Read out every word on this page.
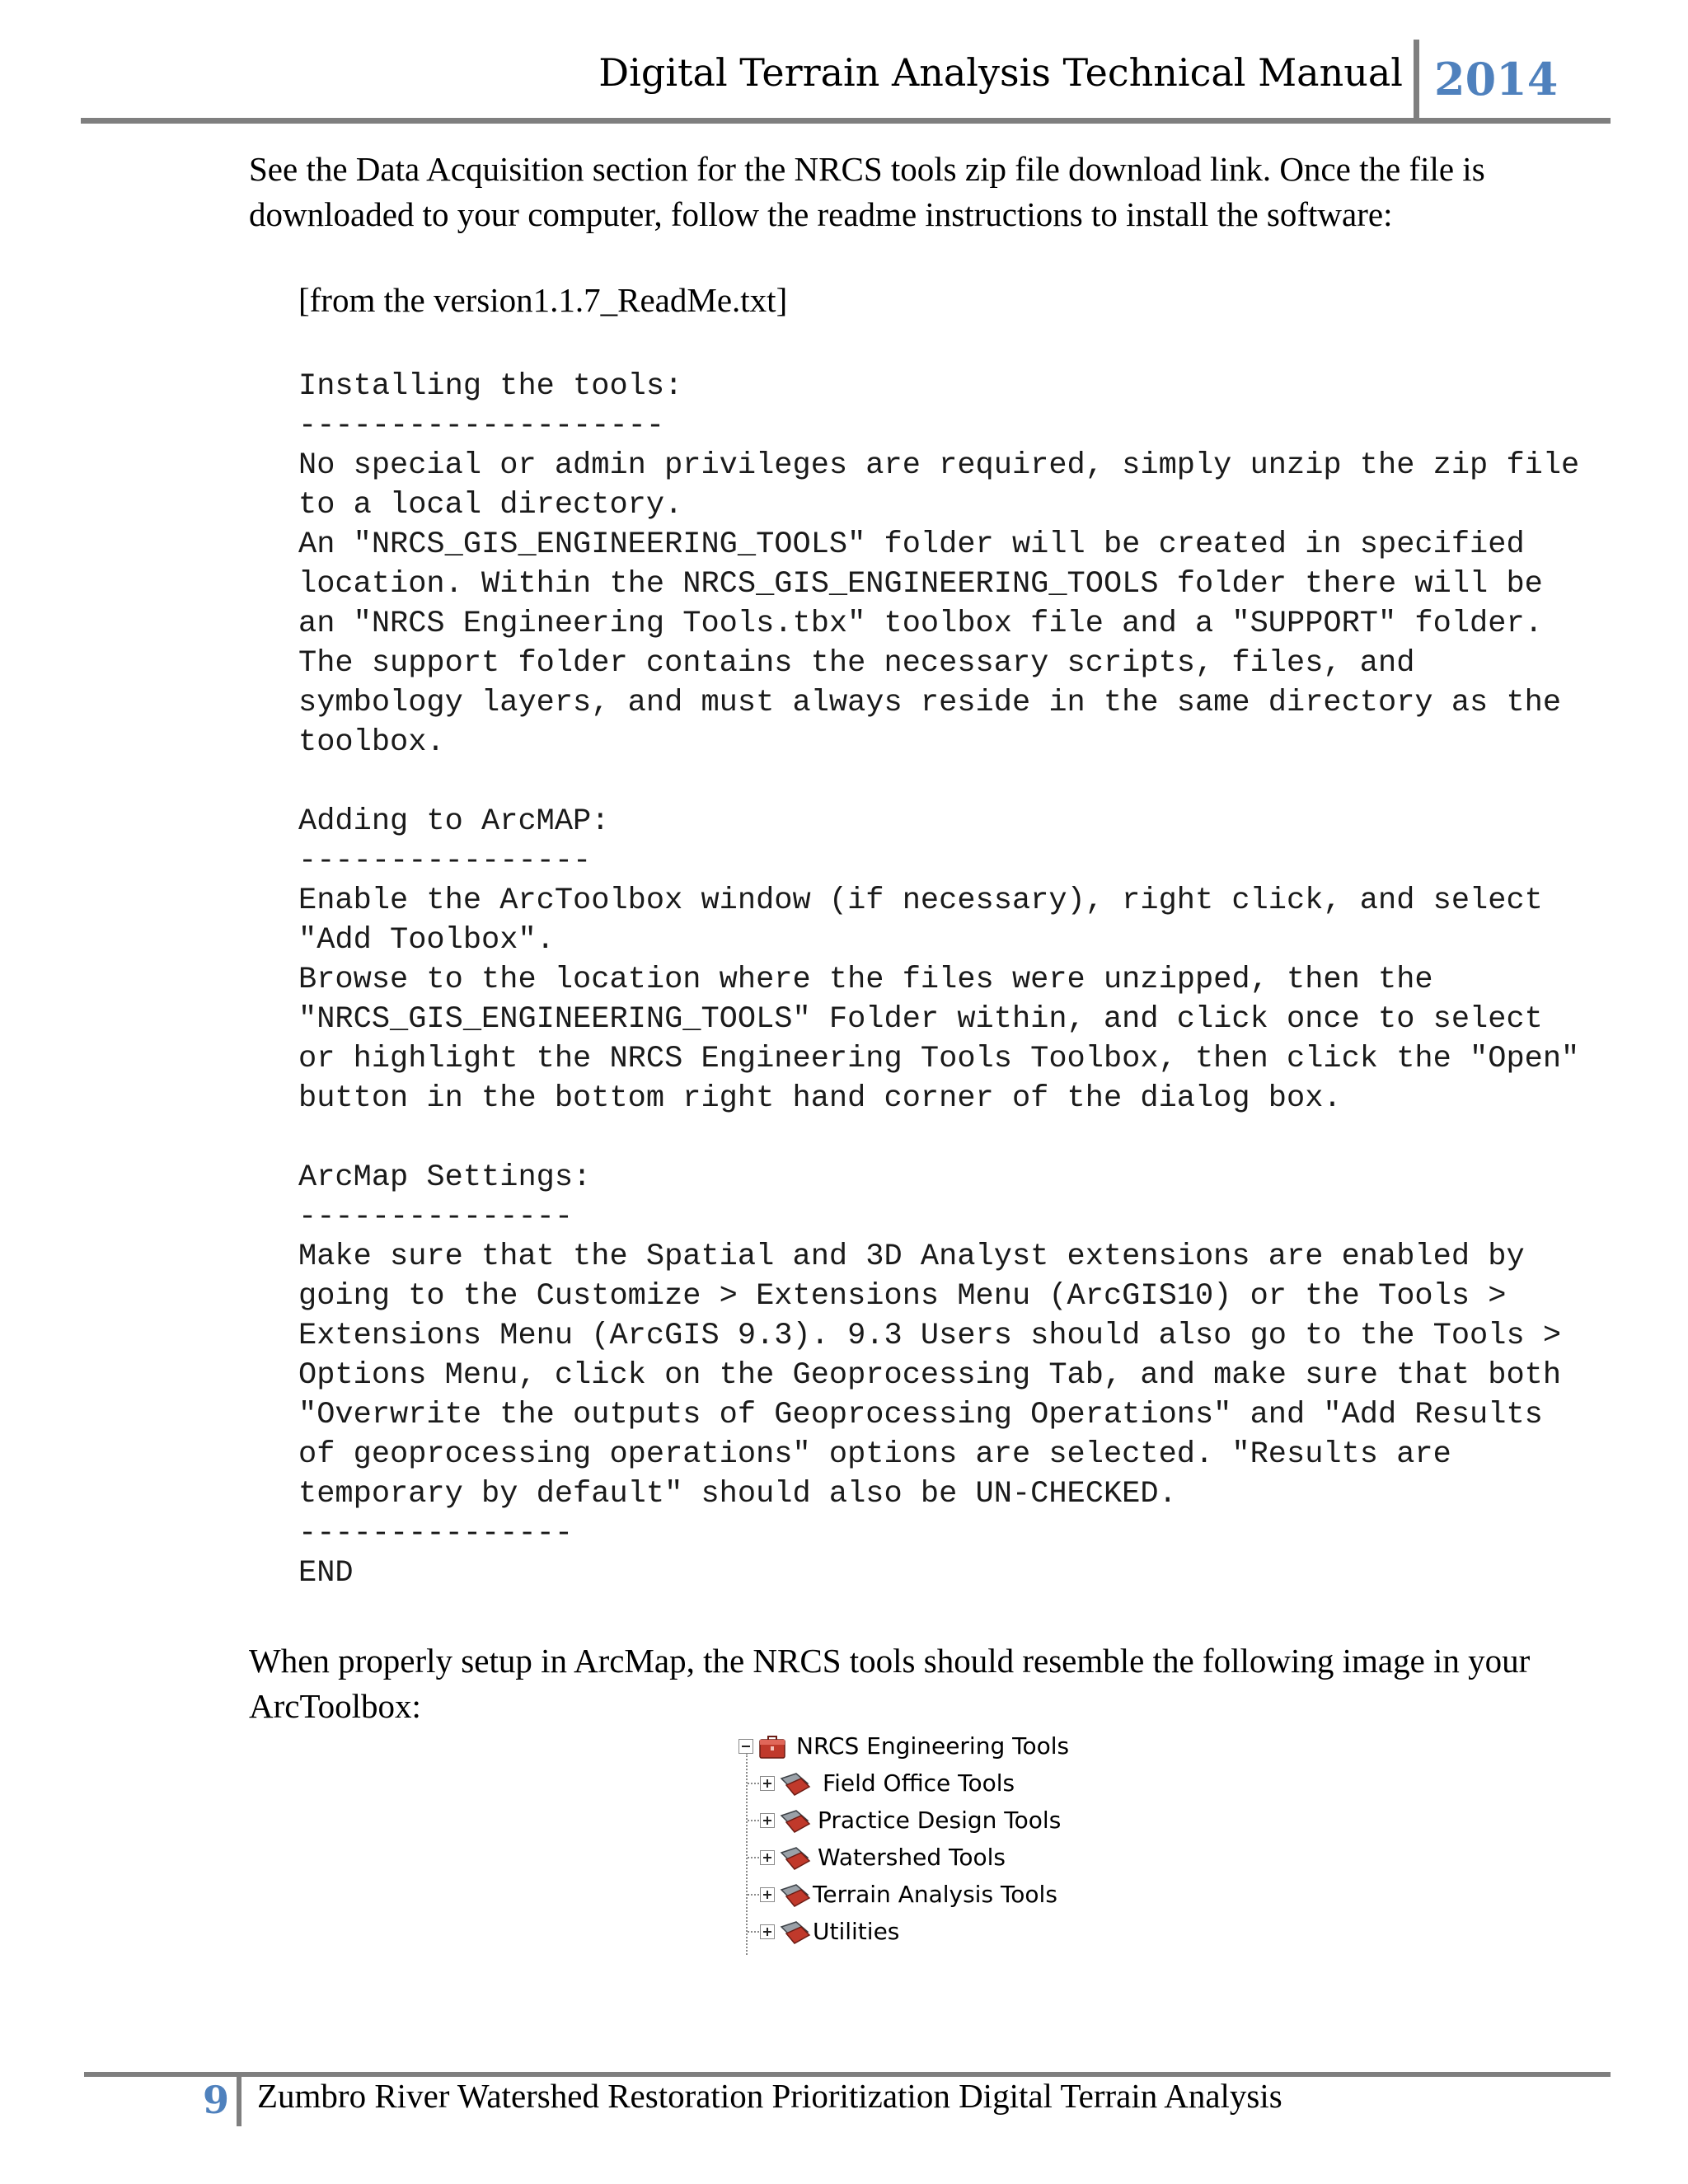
Digital Terrain Analysis Technical Manual 2014
See the Data Acquisition section for the NRCS tools zip file download link. Once the file is downloaded to your computer, follow the readme instructions to install the software:
[from the version1.1.7_ReadMe.txt]
Installing the tools:
--------------------
No special or admin privileges are required, simply unzip the zip file
to a local directory.
An "NRCS_GIS_ENGINEERING_TOOLS" folder will be created in specified
location. Within the NRCS_GIS_ENGINEERING_TOOLS folder there will be
an "NRCS Engineering Tools.tbx" toolbox file and a "SUPPORT" folder.
The support folder contains the necessary scripts, files, and
symbology layers, and must always reside in the same directory as the
toolbox.
Adding to ArcMAP:
----------------
Enable the ArcToolbox window (if necessary), right click, and select
"Add Toolbox".
Browse to the location where the files were unzipped, then the
"NRCS_GIS_ENGINEERING_TOOLS" Folder within, and click once to select
or highlight the NRCS Engineering Tools Toolbox, then click the "Open"
button in the bottom right hand corner of the dialog box.
ArcMap Settings:
---------------
Make sure that the Spatial and 3D Analyst extensions are enabled by
going to the Customize > Extensions Menu (ArcGIS10) or the Tools >
Extensions Menu (ArcGIS 9.3). 9.3 Users should also go to the Tools >
Options Menu, click on the Geoprocessing Tab, and make sure that both
"Overwrite the outputs of Geoprocessing Operations" and "Add Results
of geoprocessing operations" options are selected. "Results are
temporary by default" should also be UN-CHECKED.
---------------
END
When properly setup in ArcMap, the NRCS tools should resemble the following image in your ArcToolbox:
NRCS Engineering Tools
Field Office Tools
Practice Design Tools
Watershed Tools
Terrain Analysis Tools
Utilities
9 Zumbro River Watershed Restoration Prioritization Digital Terrain Analysis
